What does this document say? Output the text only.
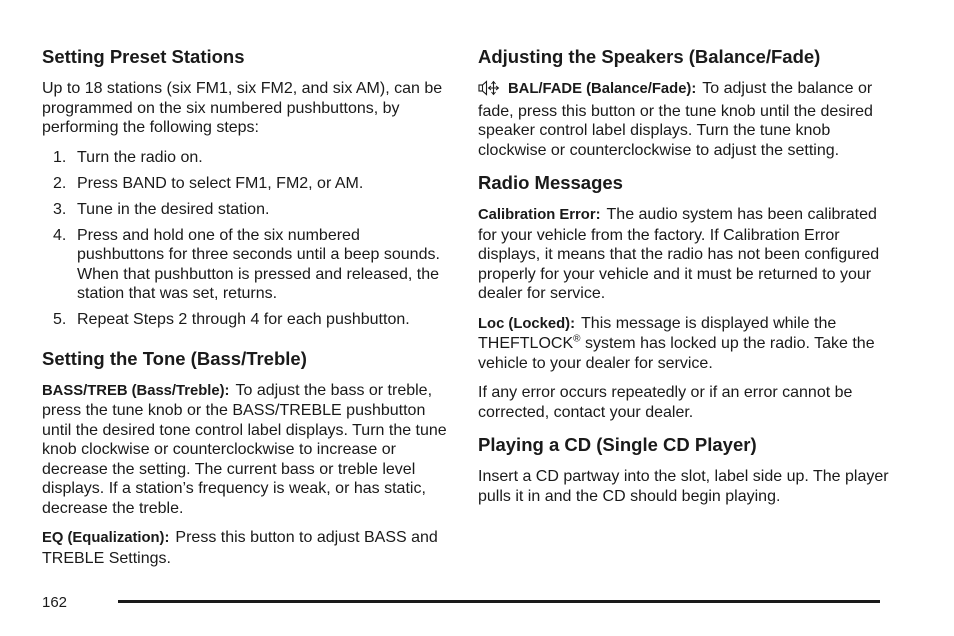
Setting Preset Stations

Up to 18 stations (six FM1, six FM2, and six AM), can be programmed on the six numbered pushbuttons, by performing the following steps:

1. Turn the radio on.
2. Press BAND to select FM1, FM2, or AM.
3. Tune in the desired station.
4. Press and hold one of the six numbered pushbuttons for three seconds until a beep sounds. When that pushbutton is pressed and released, the station that was set, returns.
5. Repeat Steps 2 through 4 for each pushbutton.
Setting the Tone (Bass/Treble)

BASS/TREB (Bass/Treble): To adjust the bass or treble, press the tune knob or the BASS/TREBLE pushbutton until the desired tone control label displays. Turn the tune knob clockwise or counterclockwise to increase or decrease the setting. The current bass or treble level displays. If a station’s frequency is weak, or has static, decrease the treble.

EQ (Equalization): Press this button to adjust BASS and TREBLE Settings.

Adjusting the Speakers (Balance/Fade)

BAL/FADE (Balance/Fade): To adjust the balance or fade, press this button or the tune knob until the desired speaker control label displays. Turn the tune knob clockwise or counterclockwise to adjust the setting.

Radio Messages

Calibration Error: The audio system has been calibrated for your vehicle from the factory. If Calibration Error displays, it means that the radio has not been configured properly for your vehicle and it must be returned to your dealer for service.

Loc (Locked): This message is displayed while the THEFTLOCK® system has locked up the radio. Take the vehicle to your dealer for service.

If any error occurs repeatedly or if an error cannot be corrected, contact your dealer.

Playing a CD (Single CD Player)

Insert a CD partway into the slot, label side up. The player pulls it in and the CD should begin playing.

162
